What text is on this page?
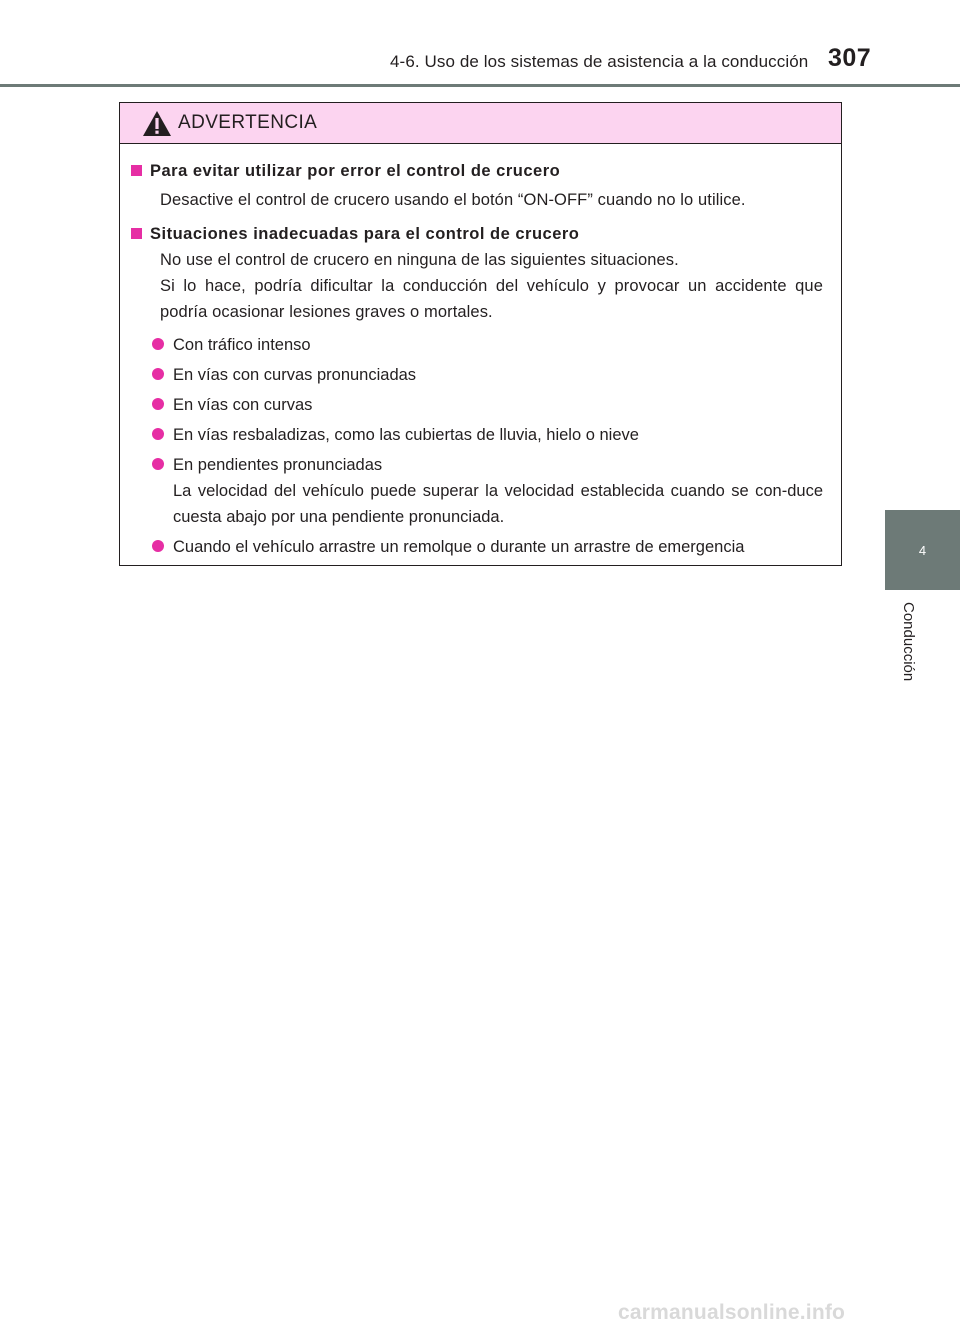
4-6. Uso de los sistemas de asistencia a la conducción 307
4
Conducción
ADVERTENCIA
Para evitar utilizar por error el control de crucero

Desactive el control de crucero usando el botón “ON-OFF” cuando no lo utilice.

Situaciones inadecuadas para el control de crucero

No use el control de crucero en ninguna de las siguientes situaciones.

Si lo hace, podría dificultar la conducción del vehículo y provocar un accidente que podría ocasionar lesiones graves o mortales.

Con tráfico intenso
En vías con curvas pronunciadas
En vías con curvas
En vías resbaladizas, como las cubiertas de lluvia, hielo o nieve
En pendientes pronunciadas
La velocidad del vehículo puede superar la velocidad establecida cuando se con-duce cuesta abajo por una pendiente pronunciada.
Cuando el vehículo arrastre un remolque o durante un arrastre de emergencia
carmanualsonline.info
